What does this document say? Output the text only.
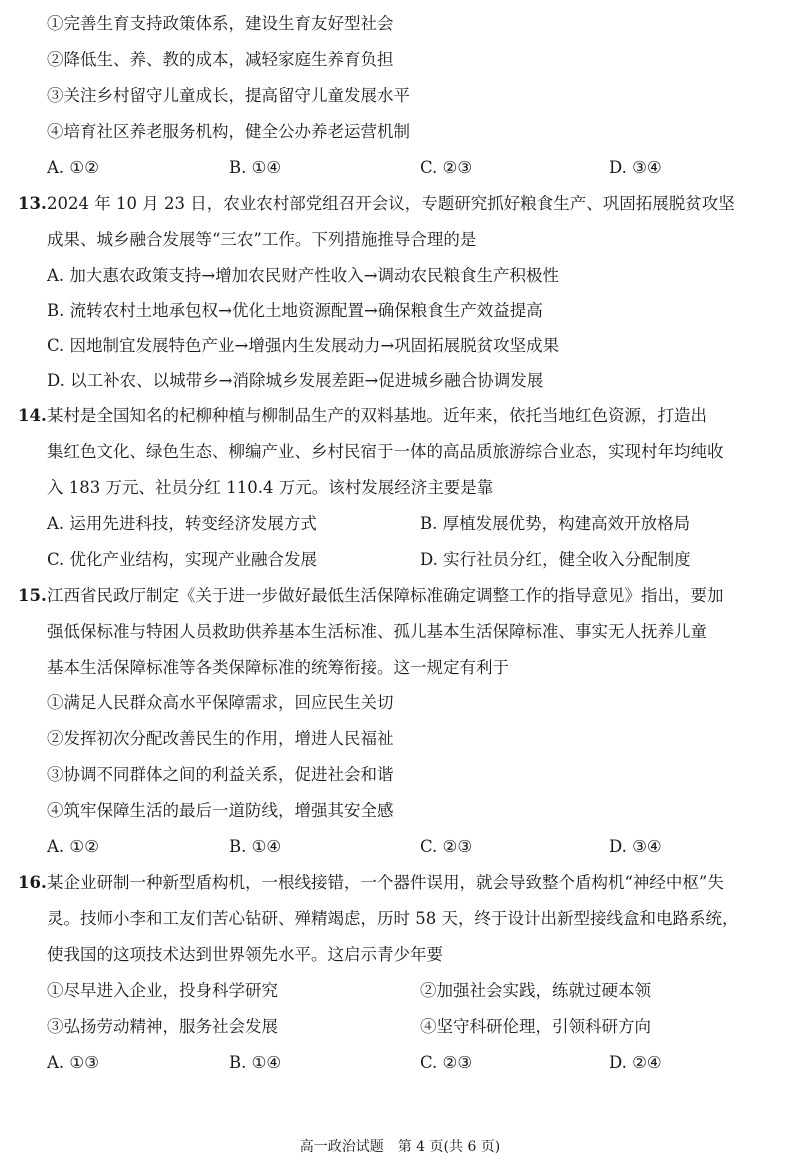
①完善生育支持政策体系，建设生育友好型社会
②降低生、养、教的成本，减轻家庭生养育负担
③关注乡村留守儿童成长，提高留守儿童发展水平
④培育社区养老服务机构，健全公办养老运营机制
A. ①②	B. ①④	C. ②③	D. ③④
13. 2024 年 10 月 23 日，农业农村部党组召开会议，专题研究抓好粮食生产、巩固拓展脱贫攻坚
成果、城乡融合发展等“三农”工作。下列措施推导合理的是
A. 加大惠农政策支持→增加农民财产性收入→调动农民粮食生产积极性
B. 流转农村土地承包权→优化土地资源配置→确保粮食生产效益提高
C. 因地制宜发展特色产业→增强内生发展动力→巩固拓展脱贫攻坚成果
D. 以工补农、以城带乡→消除城乡发展差距→促进城乡融合协调发展
14. 某村是全国知名的杞柳种植与柳制品生产的双料基地。近年来，依托当地红色资源，打造出
集红色文化、绿色生态、柳编产业、乡村民宿于一体的高品质旅游综合业态，实现村年均纯收
入 183 万元、社员分红 110.4 万元。该村发展经济主要是靠
A. 运用先进科技，转变经济发展方式	B. 厚植发展优势，构建高效开放格局
C. 优化产业结构，实现产业融合发展	D. 实行社员分红，健全收入分配制度
15. 江西省民政厅制定《关于进一步做好最低生活保障标准确定调整工作的指导意见》指出，要加
强低保标准与特困人员救助供养基本生活标准、孤儿基本生活保障标准、事实无人抚养儿童
基本生活保障标准等各类保障标准的统筹衔接。这一规定有利于
①满足人民群众高水平保障需求，回应民生关切
②发挥初次分配改善民生的作用，增进人民福祉
③协调不同群体之间的利益关系，促进社会和谐
④筑牢保障生活的最后一道防线，增强其安全感
A. ①②	B. ①④	C. ②③	D. ③④
16. 某企业研制一种新型盾构机，一根线接错，一个器件误用，就会导致整个盾构机“神经中枢”失
灵。技师小李和工友们苦心钻研、殚精竭虑，历时 58 天，终于设计出新型接线盒和电路系统，
使我国的这项技术达到世界领先水平。这启示青少年要
①尽早进入企业，投身科学研究	②加强社会实践，练就过硬本领
③弘扬劳动精神，服务社会发展	④坚守科研伦理，引领科研方向
A. ①③	B. ①④	C. ②③	D. ②④
高一政治试题　第 4 页(共 6 页)
